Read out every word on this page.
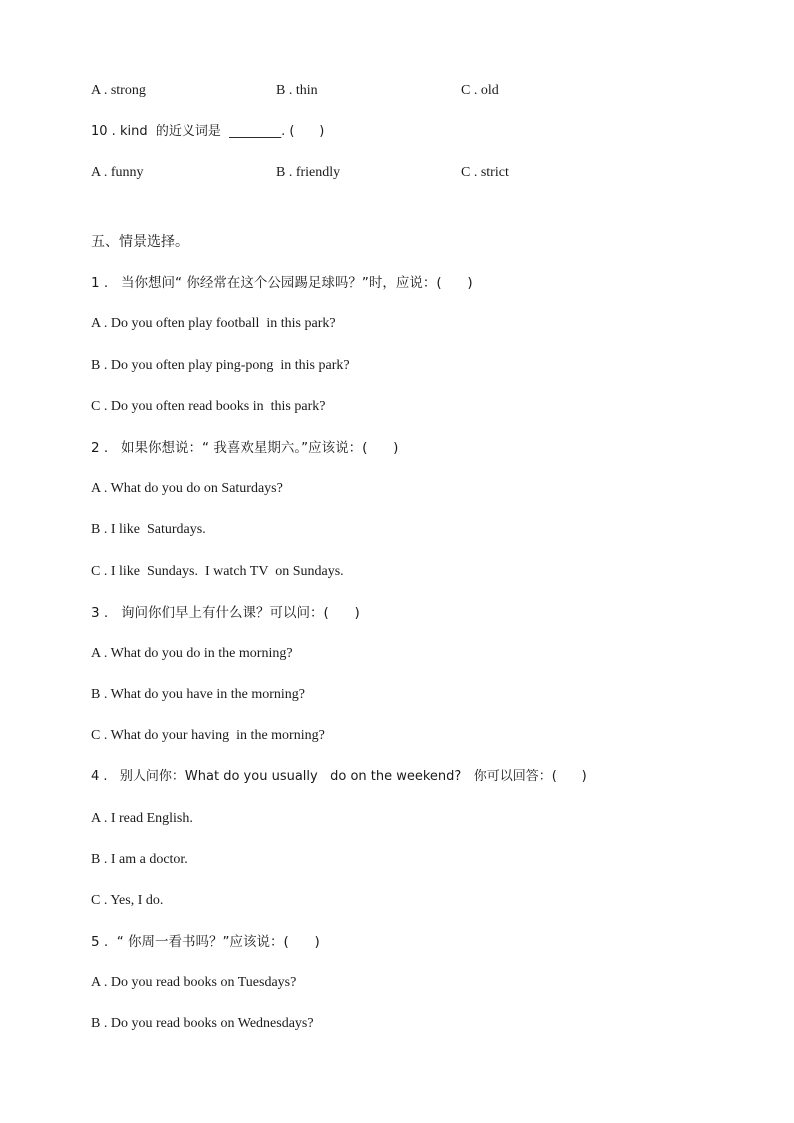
A . strong	B . thin	C . old
10 . kind  的近义词是  ________. (      )
A . funny	B . friendly	C . strict
五、情景选择。
1 .   当你想问“ 你经常在这个公园踢足球吗？”时，应说：(      )
A . Do you often play football  in this park?
B . Do you often play ping-pong  in this park?
C . Do you often read books in  this park?
2 .   如果你想说：“ 我喜欢星期六。”应该说：(      )
A . What do you do on Saturdays?
B . I like  Saturdays.
C . I like  Sundays.  I watch TV  on Sundays.
3 .   询问你们早上有什么课？可以问：(      )
A . What do you do in the morning?
B . What do you have in the morning?
C . What do your having  in the morning?
4 .   别人问你：What do you usually   do on the weekend?   你可以回答：(      )
A . I read English.
B . I am a doctor.
C . Yes, I do.
5 .  “ 你周一看书吗？”应该说：(      )
A . Do you read books on Tuesdays?
B . Do you read books on Wednesdays?
